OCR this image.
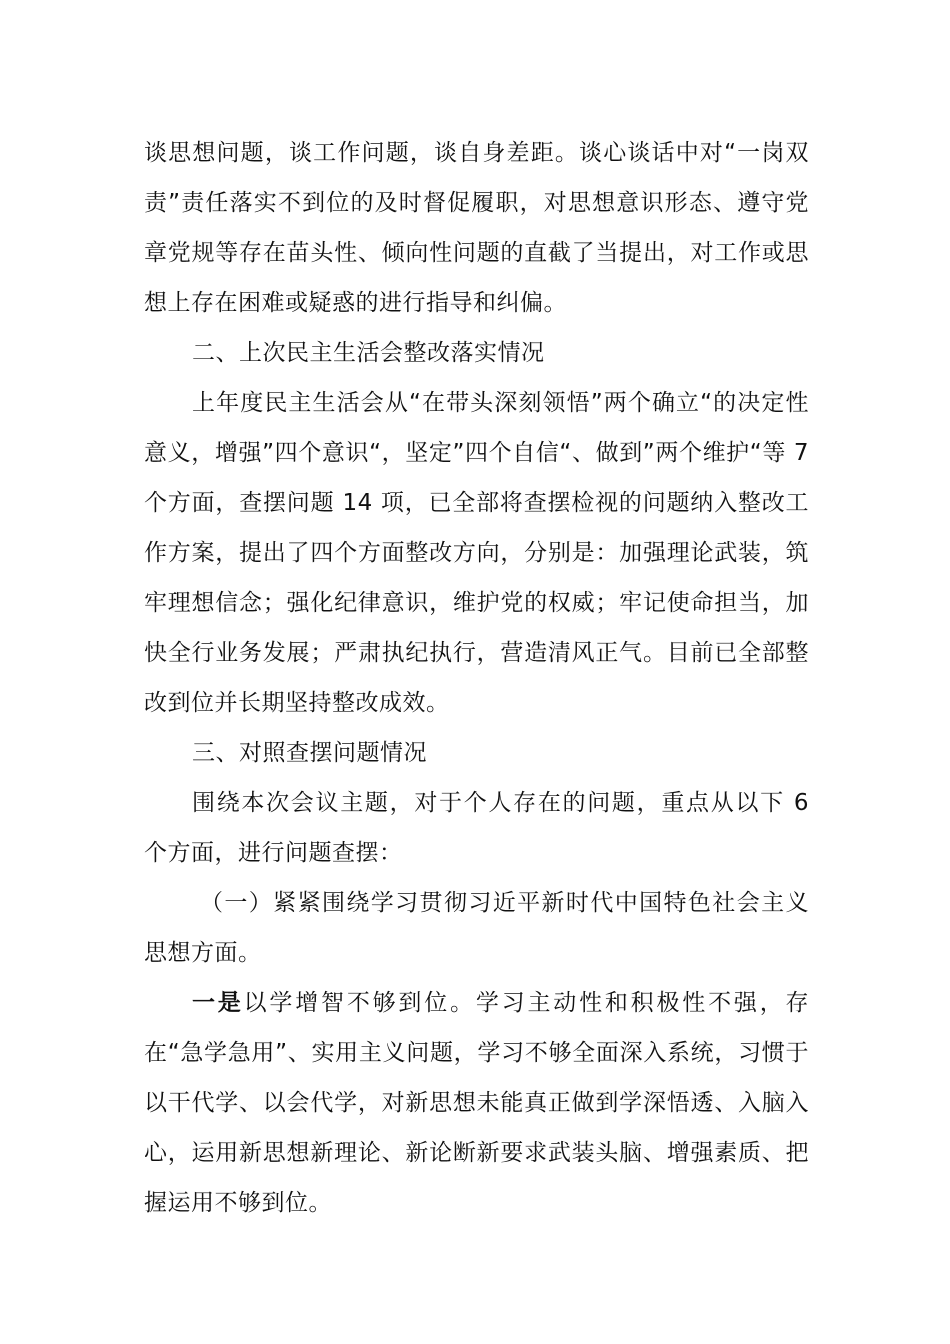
谈思想问题，谈工作问题，谈自身差距。谈心谈话中对“一岗双责”责任落实不到位的及时督促履职，对思想意识形态、遵守党章党规等存在苗头性、倾向性问题的直截了当提出，对工作或思想上存在困难或疑惑的进行指导和纠偏。

二、上次民主生活会整改落实情况

上年度民主生活会从“在带头深刻领悟”两个确立“的决定性意义，增强”四个意识“，坚定”四个自信“、做到”两个维护“等 7 个方面，查摆问题 14 项，已全部将查摆检视的问题纳入整改工作方案，提出了四个方面整改方向，分别是：加强理论武装，筑牢理想信念；强化纪律意识，维护党的权威；牢记使命担当，加快全行业务发展；严肃执纪执行，营造清风正气。目前已全部整改到位并长期坚持整改成效。

三、对照查摆问题情况

围绕本次会议主题，对于个人存在的问题，重点从以下 6 个方面，进行问题查摆：

（一）紧紧围绕学习贯彻习近平新时代中国特色社会主义思想方面。

一是以学增智不够到位。学习主动性和积极性不强，存在“急学急用”、实用主义问题，学习不够全面深入系统，习惯于以干代学、以会代学，对新思想未能真正做到学深悟透、入脑入心，运用新思想新理论、新论断新要求武装头脑、增强素质、把握运用不够到位。
